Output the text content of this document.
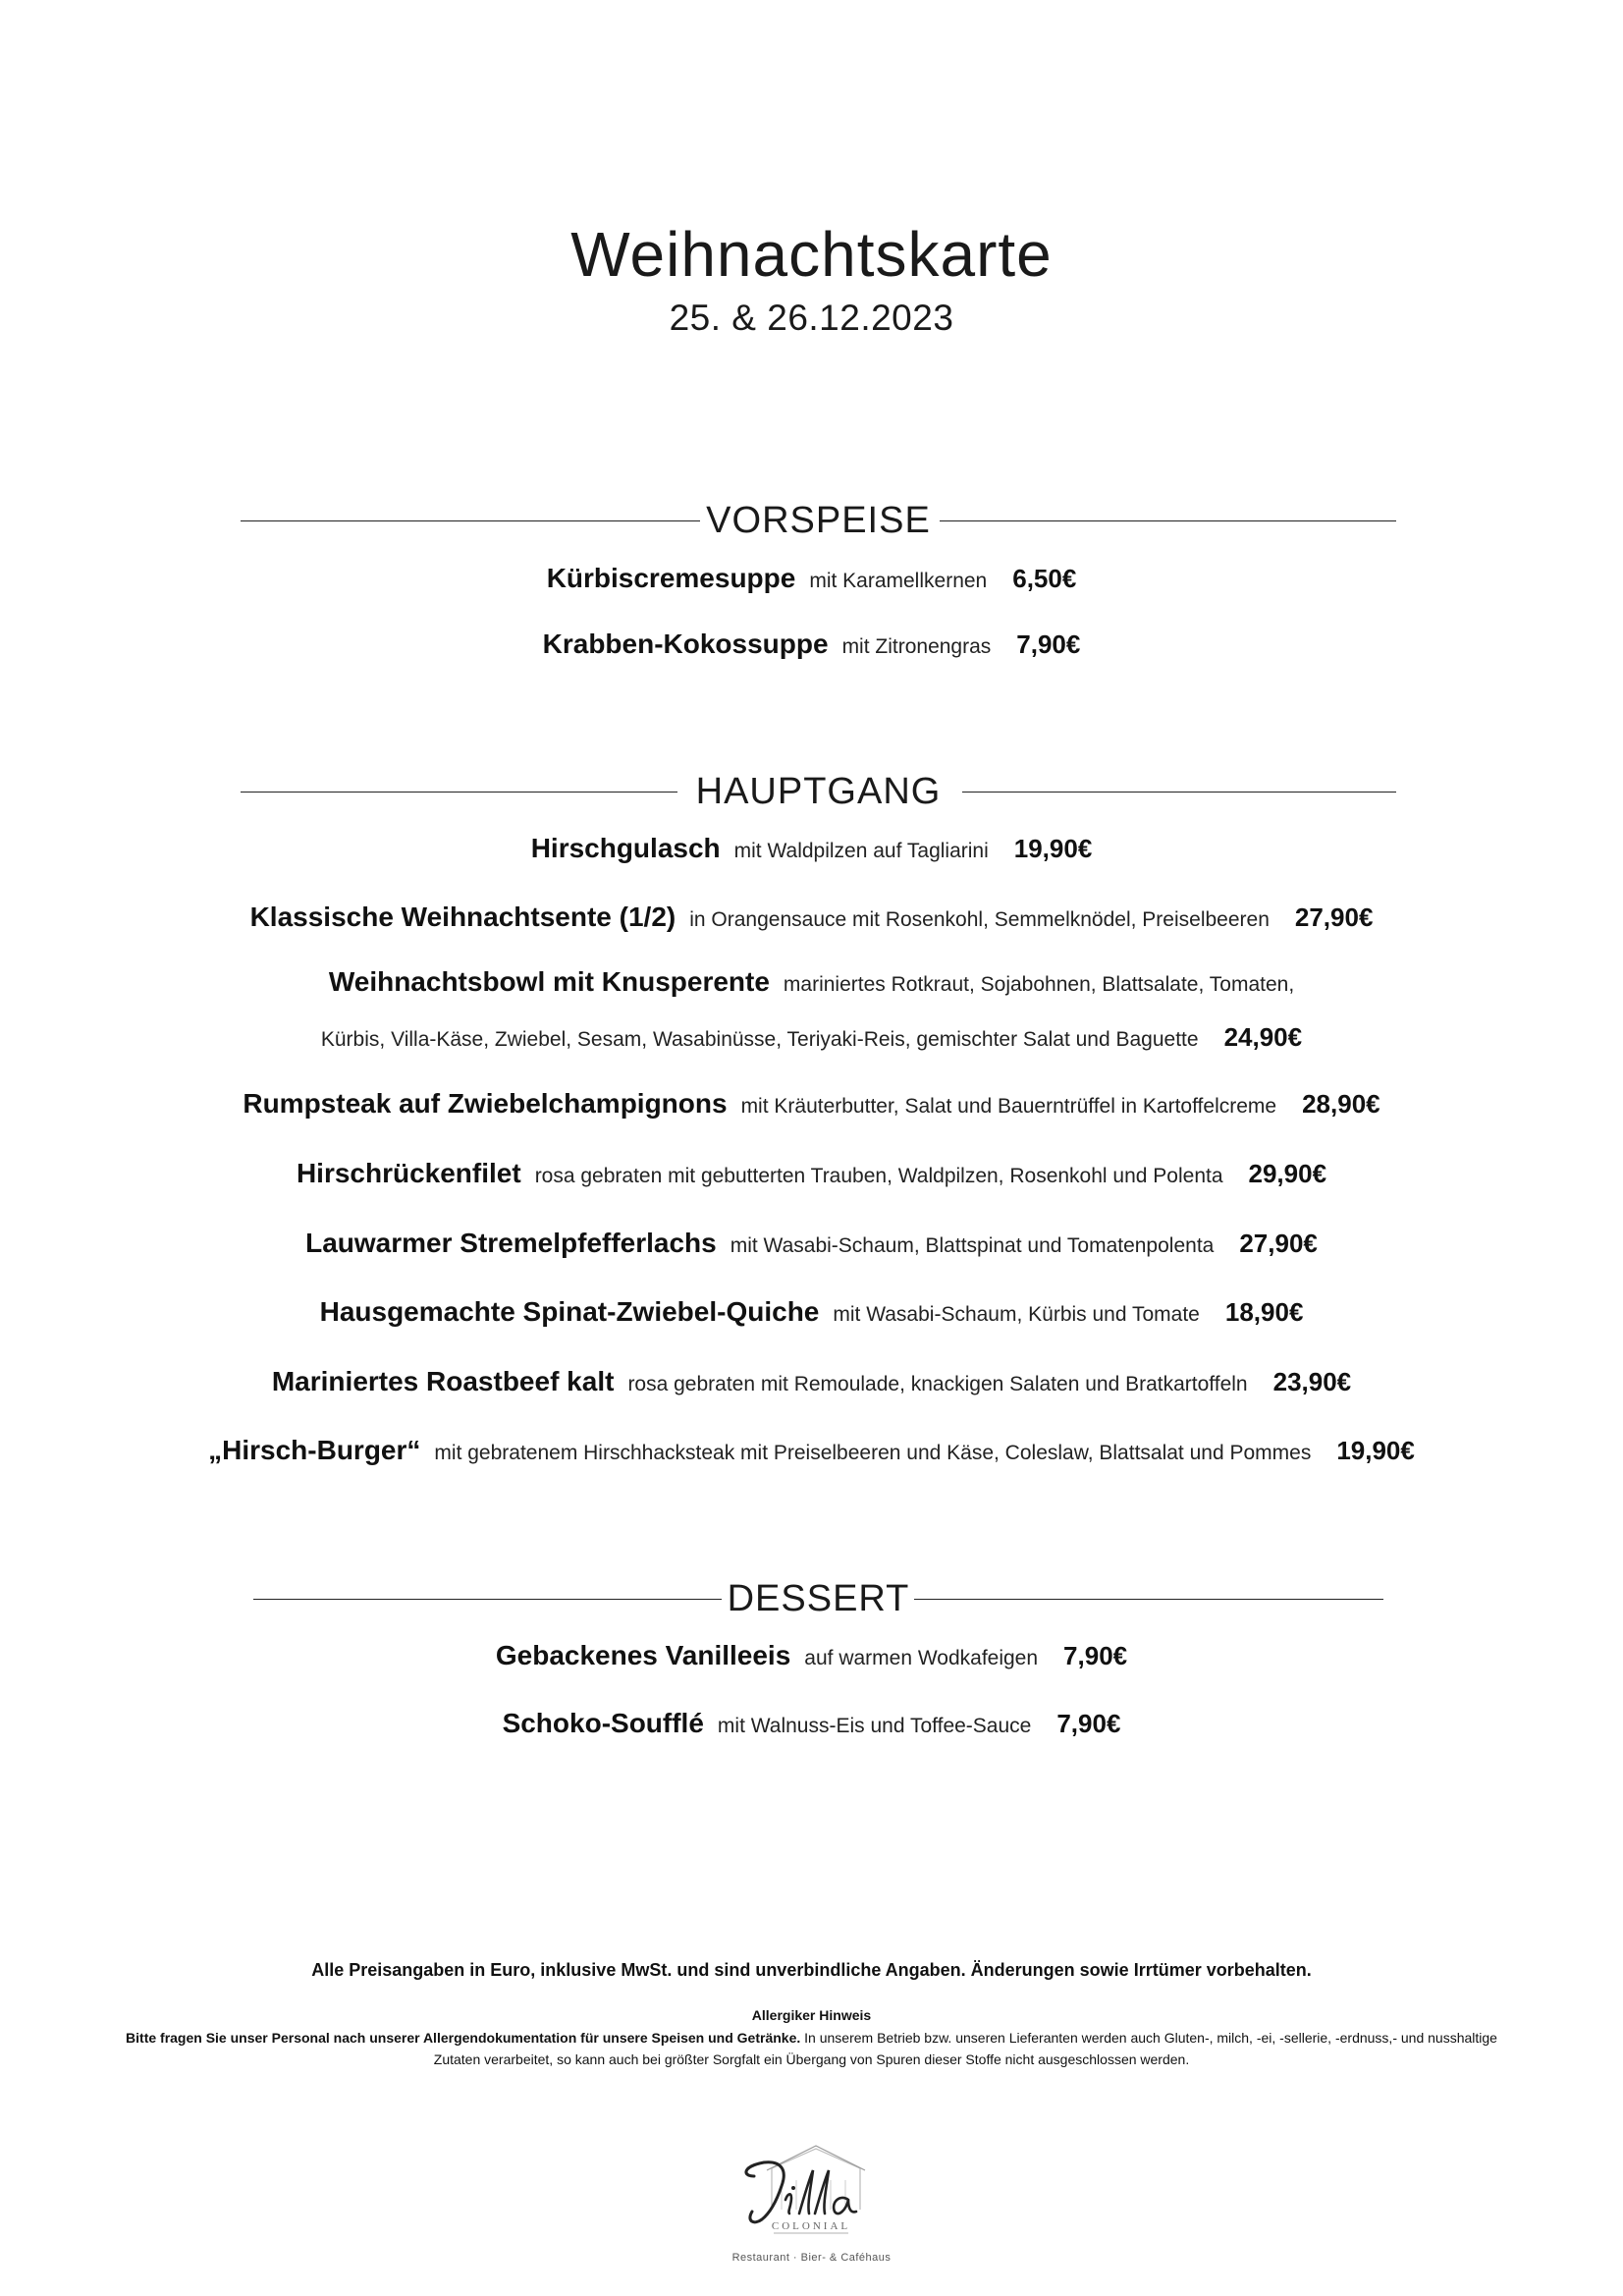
Weihnachtskarte
25. & 26.12.2023
VORSPEISE
Kürbiscremesuppe mit Karamellkernen 6,50€
Krabben-Kokossuppe mit Zitronengras 7,90€
HAUPTGANG
Hirschgulasch mit Waldpilzen auf Tagliarini 19,90€
Klassische Weihnachtsente (1/2) in Orangensauce mit Rosenkohl, Semmelknödel, Preiselbeeren 27,90€
Weihnachtsbowl mit Knusperente mariniertes Rotkraut, Sojabohnen, Blattsalate, Tomaten,
Kürbis, Villa-Käse, Zwiebel, Sesam, Wasabinüsse, Teriyaki-Reis, gemischter Salat und Baguette 24,90€
Rumpsteak auf Zwiebelchampignons mit Kräuterbutter, Salat und Bauerntrüffel in Kartoffelcreme 28,90€
Hirschrückenfilet rosa gebraten mit gebutterten Trauben, Waldpilzen, Rosenkohl und Polenta 29,90€
Lauwarmer Stremelpfefferlachs mit Wasabi-Schaum, Blattspinat und Tomatenpolenta 27,90€
Hausgemachte Spinat-Zwiebel-Quiche mit Wasabi-Schaum, Kürbis und Tomate 18,90€
Mariniertes Roastbeef kalt rosa gebraten mit Remoulade, knackigen Salaten und Bratkartoffeln 23,90€
„Hirsch-Burger“ mit gebratenem Hirschhacksteak mit Preiselbeeren und Käse, Coleslaw, Blattsalat und Pommes 19,90€
DESSERT
Gebackenes Vanilleeis auf warmen Wodkafeigen 7,90€
Schoko-Soufflé mit Walnuss-Eis und Toffee-Sauce 7,90€
Alle Preisangaben in Euro, inklusive MwSt. und sind unverbindliche Angaben. Änderungen sowie Irrtümer vorbehalten.
Allergiker Hinweis
Bitte fragen Sie unser Personal nach unserer Allergendokumentation für unsere Speisen und Getränke. In unserem Betrieb bzw. unseren Lieferanten werden auch Gluten-, milch, -ei, -sellerie, -erdnuss,- und nusshaltige Zutaten verarbeitet, so kann auch bei größter Sorgfalt ein Übergang von Spuren dieser Stoffe nicht ausgeschlossen werden.
COLONIAL
Restaurant · Bier- & Caféhaus
